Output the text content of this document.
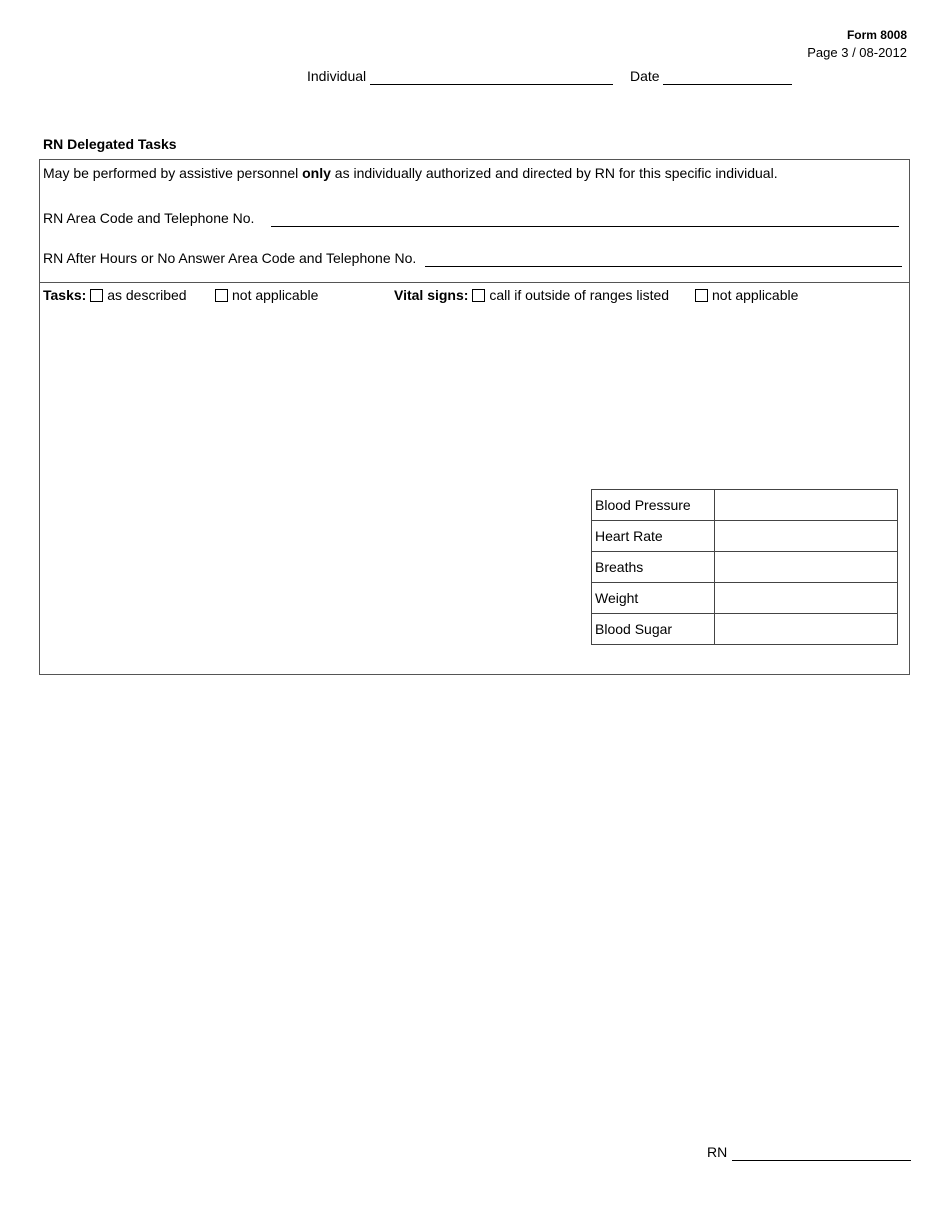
Form 8008
Page 3 / 08-2012
Individual	Date
RN Delegated Tasks
May be performed by assistive personnel only as individually authorized and directed by RN for this specific individual.
RN Area Code and Telephone No.
RN After Hours or No Answer Area Code and Telephone No.
Tasks: as described	not applicable	Vital signs: call if outside of ranges listed	not applicable
Blood Pressure	
Heart Rate	
Breaths	
Weight	
Blood Sugar	
RN
